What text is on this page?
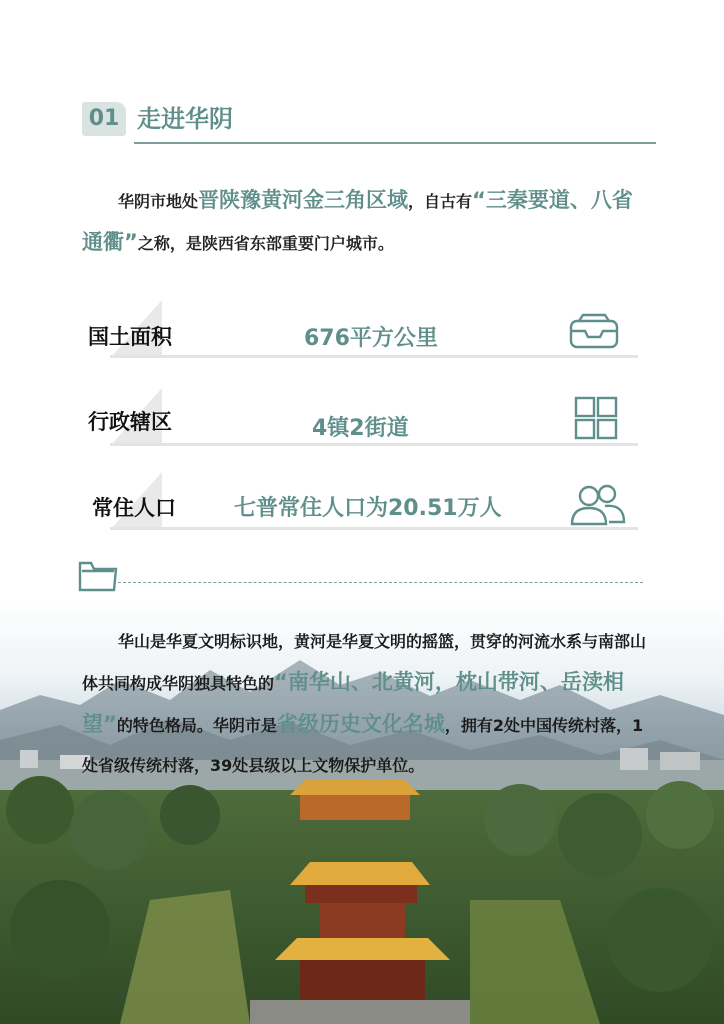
01 走进华阴
华阴市地处晋陕豫黄河金三角区域，自古有“三秦要道、八省通衢”之称，是陕西省东部重要门户城市。
国土面积	676平方公里
行政辖区	4镇2街道
常住人口	七普常住人口为20.51万人
华山是华夏文明标识地，黄河是华夏文明的摇篮，贯穿的河流水系与南部山体共同构成华阴独具特色的“南华山、北黄河，枕山带河、岳渎相望”的特色格局。华阴市是省级历史文化名城，拥有2处中国传统村落，1处省级传统村落，39处县级以上文物保护单位。
